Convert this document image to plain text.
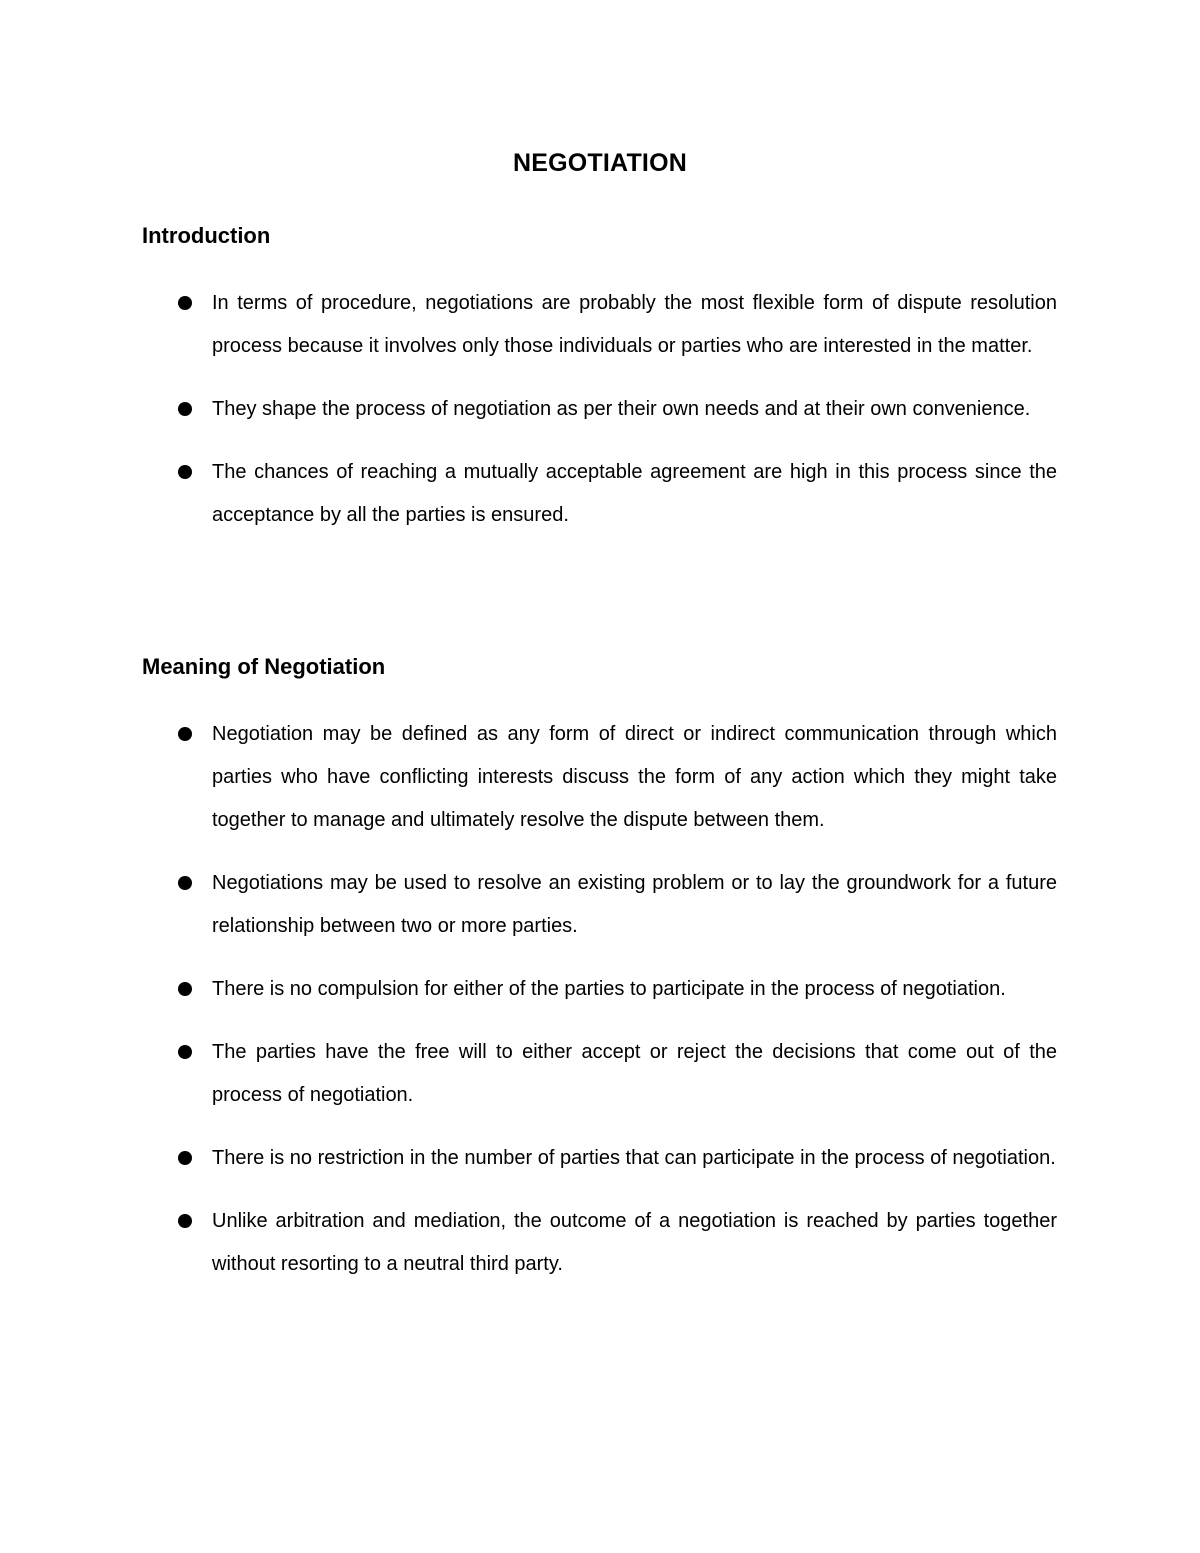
NEGOTIATION
Introduction
In terms of procedure, negotiations are probably the most flexible form of dispute resolution process because it involves only those individuals or parties who are interested in the matter.
They shape the process of negotiation as per their own needs and at their own convenience.
The chances of reaching a mutually acceptable agreement are high in this process since the acceptance by all the parties is ensured.
Meaning of Negotiation
Negotiation may be defined as any form of direct or indirect communication through which parties who have conflicting interests discuss the form of any action which they might take together to manage and ultimately resolve the dispute between them.
Negotiations may be used to resolve an existing problem or to lay the groundwork for a future relationship between two or more parties.
There is no compulsion for either of the parties to participate in the process of negotiation.
The parties have the free will to either accept or reject the decisions that come out of the process of negotiation.
There is no restriction in the number of parties that can participate in the process of negotiation.
Unlike arbitration and mediation, the outcome of a negotiation is reached by parties together without resorting to a neutral third party.
